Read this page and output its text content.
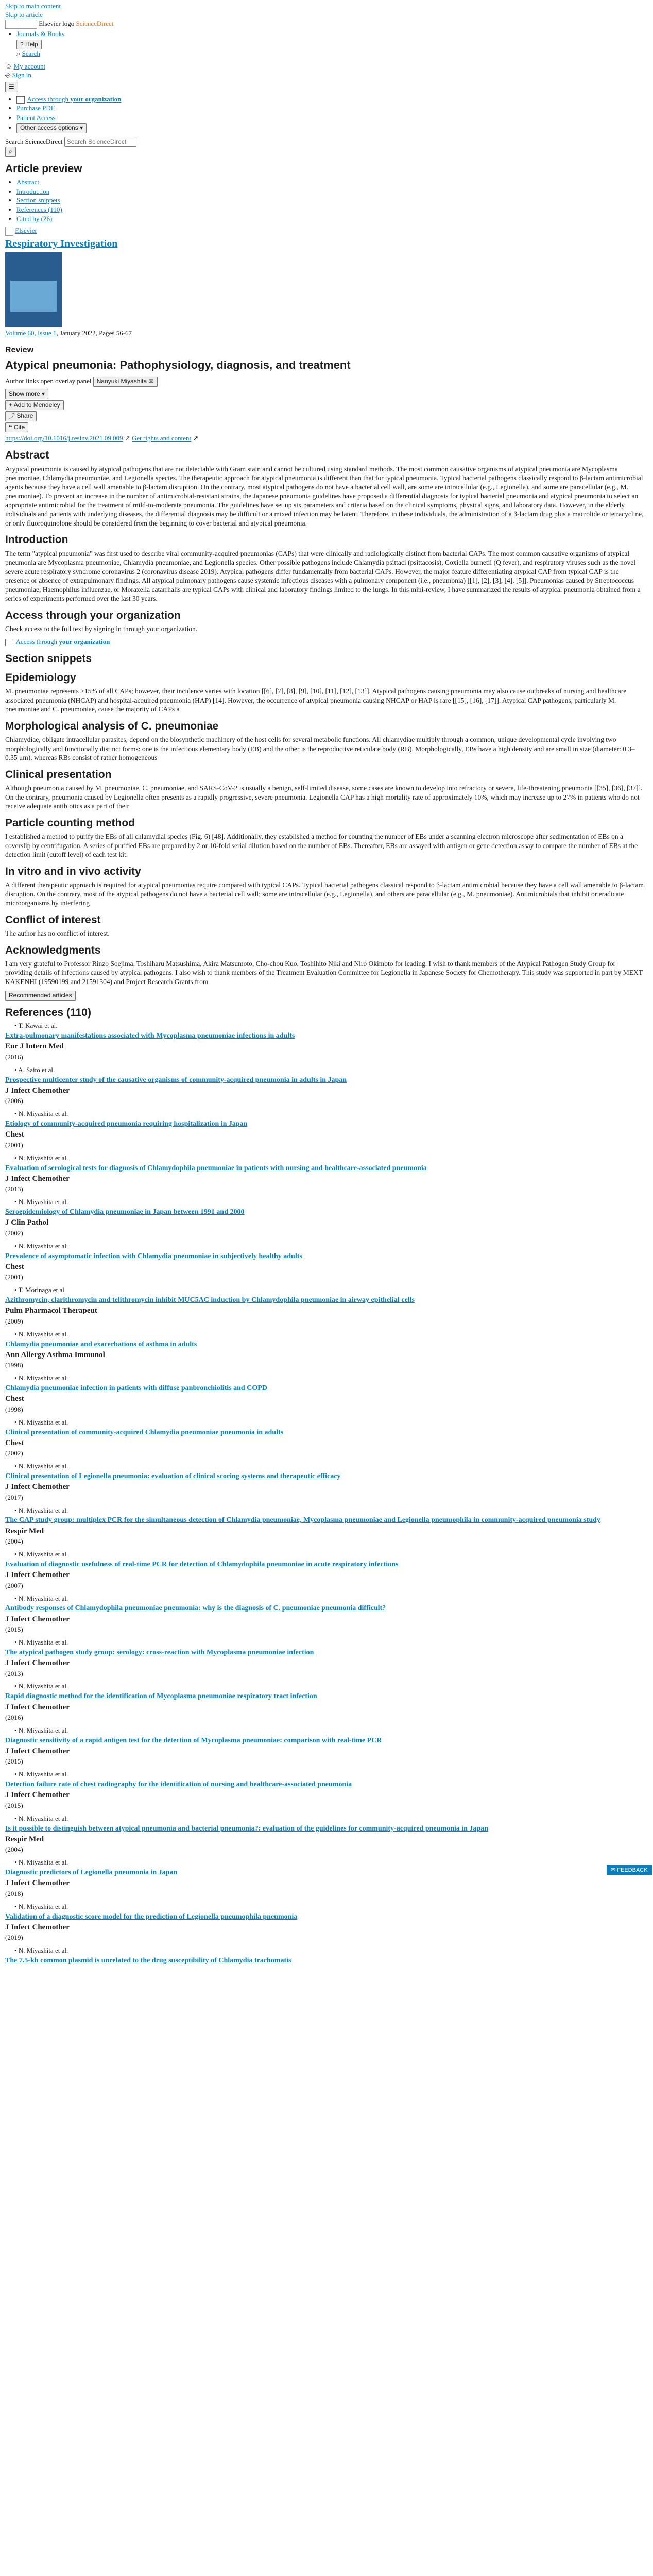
Skip to main content
Skip to article
Elsevier logo ScienceDirect
• Journals & Books
? Help
⌕ Search
☺ My account
⎆ Sign in
☰
• Access through your organization
• Purchase PDF
• Patient Access
• Other access options ▾
Search ScienceDirect Search ScienceDirect
⌕
Article preview
• Abstract
• Introduction
• Section snippets
• References (110)
• Cited by (26)
Elsevier
Respiratory Investigation
Volume 60, Issue 1, January 2022, Pages 56-67
Review
Atypical pneumonia: Pathophysiology, diagnosis, and treatment
Author links open overlay panel Naoyuki Miyashita ✉
Show more ▾
+ Add to Mendeley
⤴ Share
❝ Cite
https://doi.org/10.1016/j.resinv.2021.09.009 ↗ Get rights and content ↗
Abstract
Atypical pneumonia is caused by atypical pathogens that are not detectable with Gram stain and cannot be cultured using standard methods. The most common causative organisms of atypical pneumonia are Mycoplasma pneumoniae, Chlamydia pneumoniae, and Legionella species. The therapeutic approach for atypical pneumonia is different than that for typical pneumonia. Typical bacterial pathogens classically respond to β-lactam antimicrobial agents because they have a cell wall amenable to β-lactam disruption. On the contrary, most atypical pathogens do not have a bacterial cell wall, are some are intracellular (e.g., Legionella), and some are paracellular (e.g., M. pneumoniae). To prevent an increase in the number of antimicrobial-resistant strains, the Japanese pneumonia guidelines have proposed a differential diagnosis for typical bacterial pneumonia and atypical pneumonia to select an appropriate antimicrobial for the treatment of mild-to-moderate pneumonia. The guidelines have set up six parameters and criteria based on the clinical symptoms, physical signs, and laboratory data. However, in the elderly individuals and patients with underlying diseases, the differential diagnosis may be difficult or a mixed infection may be latent. Therefore, in these individuals, the administration of a β-lactam drug plus a macrolide or tetracycline, or only fluoroquinolone should be considered from the beginning to cover bacterial and atypical pneumonia.
Introduction
The term "atypical pneumonia" was first used to describe viral community-acquired pneumonias (CAPs) that were clinically and radiologically distinct from bacterial CAPs. The most common causative organisms of atypical pneumonia are Mycoplasma pneumoniae, Chlamydia pneumoniae, and Legionella species. Other possible pathogens include Chlamydia psittaci (psittacosis), Coxiella burnetii (Q fever), and respiratory viruses such as the novel severe acute respiratory syndrome coronavirus 2 (coronavirus disease 2019). Atypical pathogens differ fundamentally from bacterial CAPs. However, the major feature differentiating atypical CAP from typical CAP is the presence or absence of extrapulmonary findings. All atypical pulmonary pathogens cause systemic infectious diseases with a pulmonary component (i.e., pneumonia) [[1], [2], [3], [4], [5]]. Pneumonias caused by Streptococcus pneumoniae, Haemophilus influenzae, or Moraxella catarrhalis are typical CAPs with clinical and laboratory findings limited to the lungs. In this mini-review, I have summarized the results of atypical pneumonia obtained from a series of experiments performed over the last 30 years.
Access through your organization
Check access to the full text by signing in through your organization.
Access through your organization
Section snippets
Epidemiology
M. pneumoniae represents >15% of all CAPs; however, their incidence varies with location [[6], [7], [8], [9], [10], [11], [12], [13]]. Atypical pathogens causing pneumonia may also cause outbreaks of nursing and healthcare associated pneumonia (NHCAP) and hospital-acquired pneumonia (HAP) [14]. However, the occurrence of atypical pneumonia causing NHCAP or HAP is rare [[15], [16], [17]]. Atypical CAP pathogens, particularly M. pneumoniae and C. pneumoniae, cause the majority of CAPs a
Morphological analysis of C. pneumoniae
Chlamydiae, obligate intracellular parasites, depend on the biosynthetic machinery of the host cells for several metabolic functions. All chlamydiae multiply through a common, unique developmental cycle involving two morphologically and functionally distinct forms: one is the infectious elementary body (EB) and the other is the reproductive reticulate body (RB). Morphologically, EBs have a high density and are small in size (diameter: 0.3–0.35 μm), whereas RBs consist of rather homogeneous
Clinical presentation
Although pneumonia caused by M. pneumoniae, C. pneumoniae, and SARS-CoV-2 is usually a benign, self-limited disease, some cases are known to develop into refractory or severe, life-threatening pneumonia [[35], [36], [37]]. On the contrary, pneumonia caused by Legionella often presents as a rapidly progressive, severe pneumonia. Legionella CAP has a high mortality rate of approximately 10%, which may increase up to 27% in patients who do not receive adequate antibiotics as a part of their
Particle counting method
I established a method to purify the EBs of all chlamydial species (Fig. 6) [48]. Additionally, they established a method for counting the number of EBs under a scanning electron microscope after sedimentation of EBs on a coverslip by centrifugation. A series of purified EBs are prepared by 2 or 10-fold serial dilution based on the number of EBs. Thereafter, EBs are assayed with antigen or gene detection assay to compare the number of EBs at the detection limit (cutoff level) of each test kit.
In vitro and in vivo activity
A different therapeutic approach is required for atypical pneumonias require compared with typical CAPs. Typical bacterial pathogens classical respond to β-lactam antimicrobial because they have a cell wall amenable to β-lactam disruption. On the contrary, most of the atypical pathogens do not have a bacterial cell wall; some are intracellular (e.g., Legionella), and others are paracellular (e.g., M. pneumoniae). Antimicrobials that inhibit or eradicate microorganisms by interfering
Conflict of interest
The author has no conflict of interest.
Acknowledgments
I am very grateful to Professor Rinzo Soejima, Toshiharu Matsushima, Akira Matsumoto, Cho-chou Kuo, Toshihito Niki and Niro Okimoto for leading. I wish to thank members of the Atypical Pathogen Study Group for providing details of infections caused by atypical pathogens. I also wish to thank members of the Treatment Evaluation Committee for Legionella in Japanese Society for Chemotherapy. This study was supported in part by MEXT KAKENHI (19590199 and 21591304) and Project Research Grants from
Recommended articles
References (110)
• T. Kawai et al.
Extra-pulmonary manifestations associated with Mycoplasma pneumoniae infections in adults
Eur J Intern Med
(2016)
• A. Saito et al.
Prospective multicenter study of the causative organisms of community-acquired pneumonia in adults in Japan
J Infect Chemother
(2006)
• N. Miyashita et al.
Etiology of community-acquired pneumonia requiring hospitalization in Japan
Chest
(2001)
• N. Miyashita et al.
Evaluation of serological tests for diagnosis of Chlamydophila pneumoniae in patients with nursing and healthcare-associated pneumonia
J Infect Chemother
(2013)
• N. Miyashita et al.
Seroepidemiology of Chlamydia pneumoniae in Japan between 1991 and 2000
J Clin Pathol
(2002)
• N. Miyashita et al.
Prevalence of asymptomatic infection with Chlamydia pneumoniae in subjectively healthy adults
Chest
(2001)
• T. Morinaga et al.
Azithromycin, clarithromycin and telithromycin inhibit MUC5AC induction by Chlamydophila pneumoniae in airway epithelial cells
Pulm Pharmacol Therapeut
(2009)
• N. Miyashita et al.
Chlamydia pneumoniae and exacerbations of asthma in adults
Ann Allergy Asthma Immunol
(1998)
• N. Miyashita et al.
Chlamydia pneumoniae infection in patients with diffuse panbronchiolitis and COPD
Chest
(1998)
• N. Miyashita et al.
Clinical presentation of community-acquired Chlamydia pneumoniae pneumonia in adults
Chest
(2002)
• N. Miyashita et al.
Clinical presentation of Legionella pneumonia: evaluation of clinical scoring systems and therapeutic efficacy
J Infect Chemother
(2017)
• N. Miyashita et al.
The CAP study group: multiplex PCR for the simultaneous detection of Chlamydia pneumoniae, Mycoplasma pneumoniae and Legionella pneumophila in community-acquired pneumonia study
Respir Med
(2004)
• N. Miyashita et al.
Evaluation of diagnostic usefulness of real-time PCR for detection of Chlamydophila pneumoniae in acute respiratory infections
J Infect Chemother
(2007)
• N. Miyashita et al.
Antibody responses of Chlamydophila pneumoniae pneumonia: why is the diagnosis of C. pneumoniae pneumonia difficult?
J Infect Chemother
(2015)
• N. Miyashita et al.
The atypical pathogen study group: serology: cross-reaction with Mycoplasma pneumoniae infection
J Infect Chemother
(2013)
• N. Miyashita et al.
Rapid diagnostic method for the identification of Mycoplasma pneumoniae respiratory tract infection
J Infect Chemother
(2016)
• N. Miyashita et al.
Diagnostic sensitivity of a rapid antigen test for the detection of Mycoplasma pneumoniae: comparison with real-time PCR
J Infect Chemother
(2015)
• N. Miyashita et al.
Detection failure rate of chest radiography for the identification of nursing and healthcare-associated pneumonia
J Infect Chemother
(2015)
• N. Miyashita et al.
Is it possible to distinguish between atypical pneumonia and bacterial pneumonia?: evaluation of the guidelines for community-acquired pneumonia in Japan
Respir Med
(2004)
• N. Miyashita et al.
Diagnostic predictors of Legionella pneumonia in Japan
J Infect Chemother
(2018)
• N. Miyashita et al.
Validation of a diagnostic score model for the prediction of Legionella pneumophila pneumonia
J Infect Chemother
(2019)
• N. Miyashita et al.
The 7.5-kb common plasmid is unrelated to the drug susceptibility of Chlamydia trachomatis
✉ FEEDBACK
